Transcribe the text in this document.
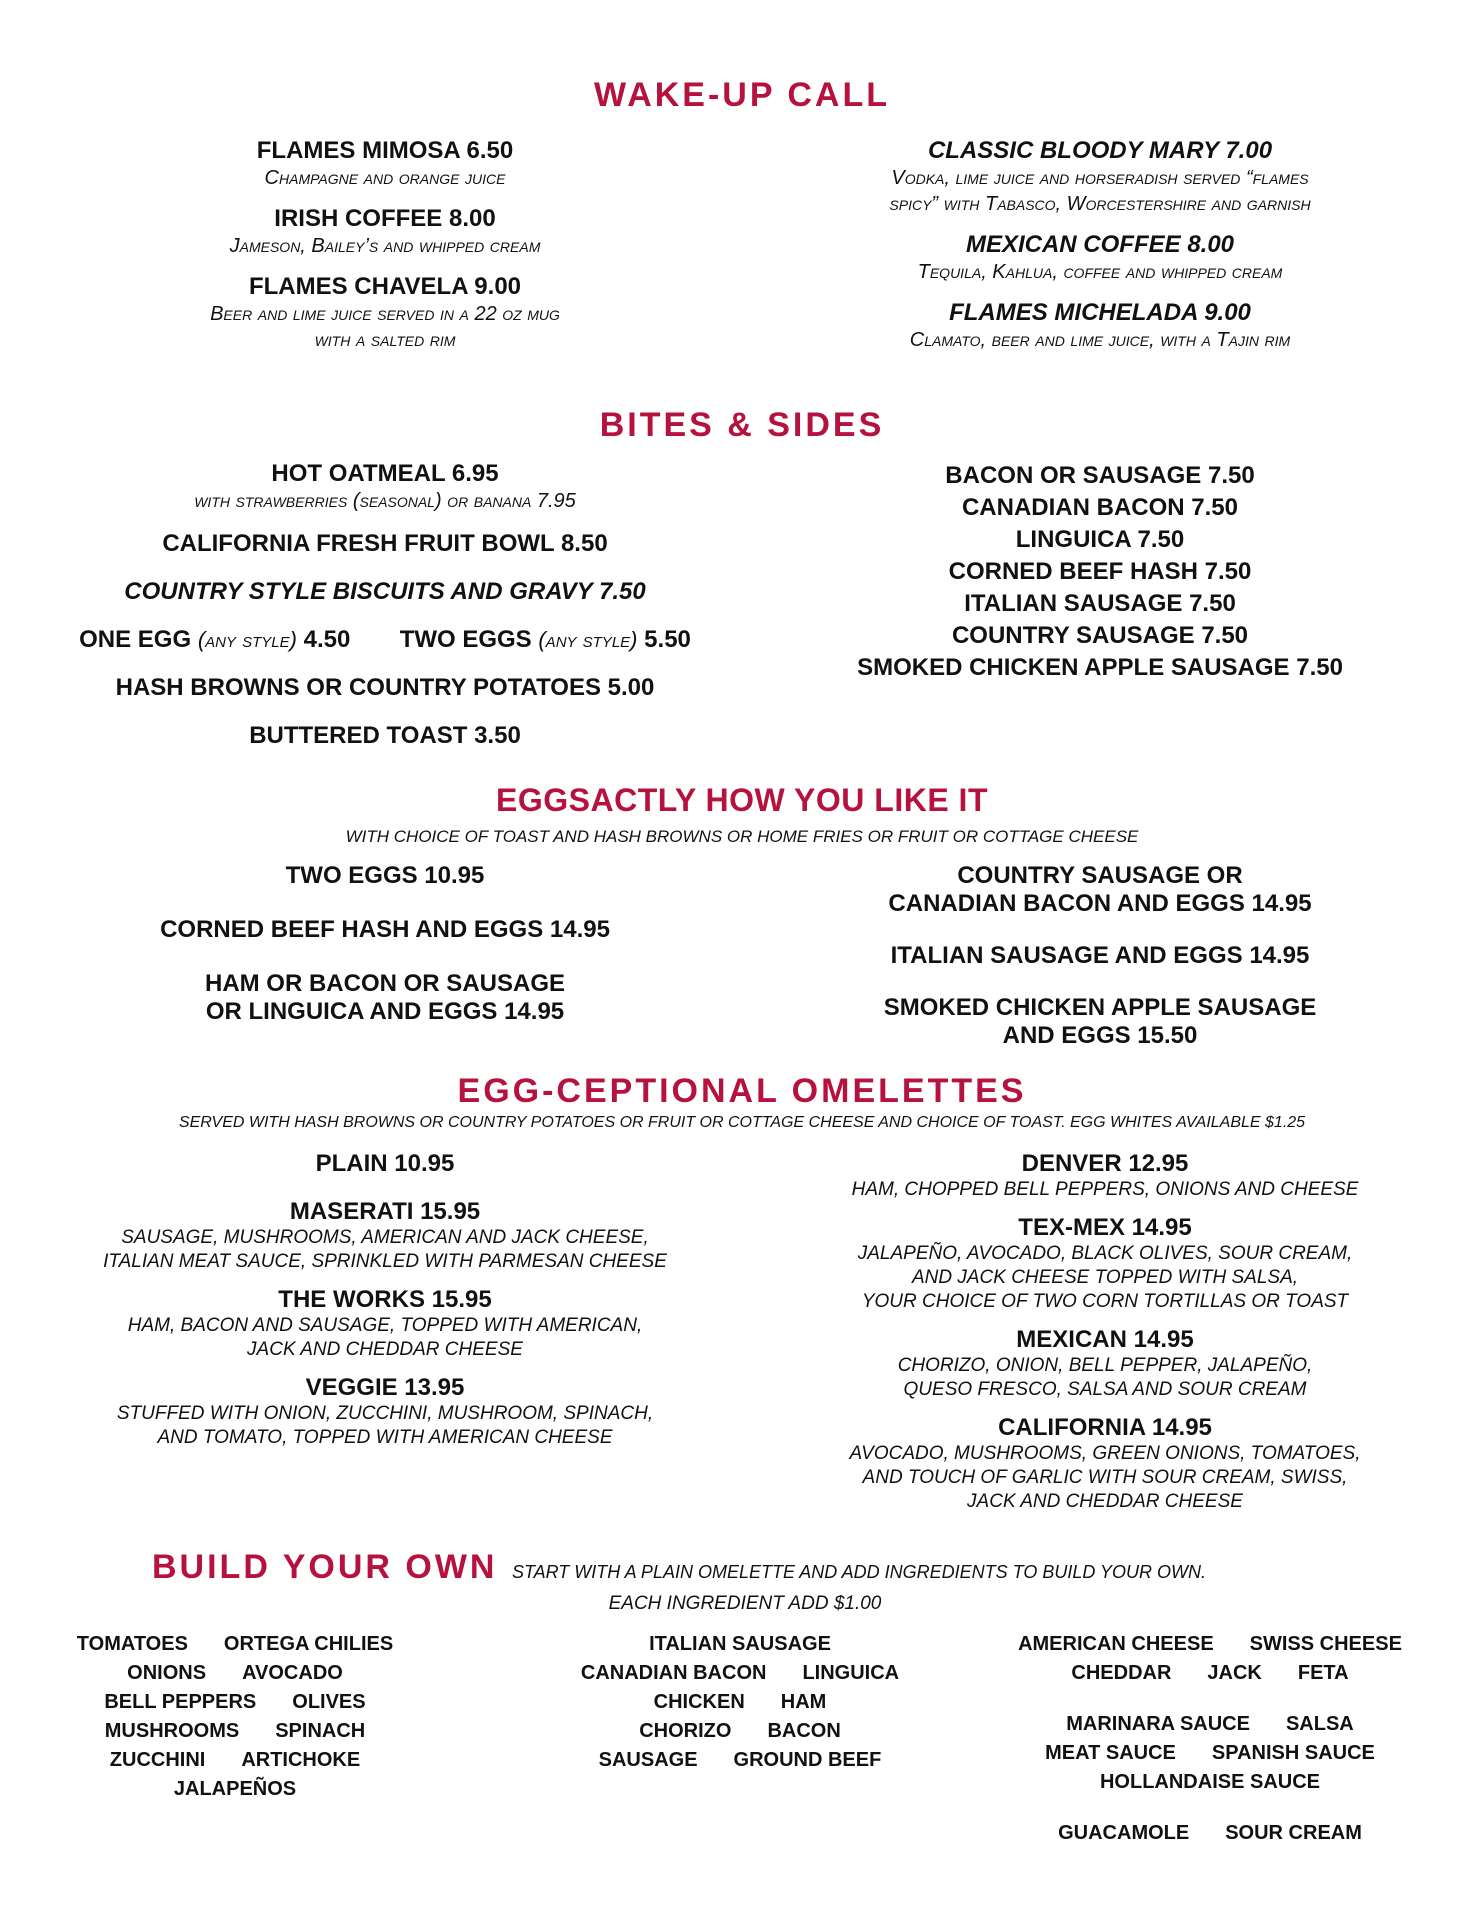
WAKE-UP CALL
FLAMES MIMOSA 6.50
Champagne and orange juice
IRISH COFFEE 8.00
Jameson, Bailey’s and whipped cream
FLAMES CHAVELA 9.00
Beer and lime juice served in a 22 oz mug
with a salted rim
CLASSIC BLOODY MARY 7.00
Vodka, lime juice and horseradish served “flames
spicy” with Tabasco, Worcestershire and garnish
MEXICAN COFFEE 8.00
Tequila, Kahlua, coffee and whipped cream
FLAMES MICHELADA 9.00
Clamato, beer and lime juice, with a Tajin rim
BITES & SIDES
HOT OATMEAL 6.95
with strawberries (seasonal) or banana 7.95
CALIFORNIA FRESH FRUIT BOWL 8.50
COUNTRY STYLE BISCUITS AND GRAVY 7.50
ONE EGG (any style) 4.50 TWO EGGS (any style) 5.50
HASH BROWNS OR COUNTRY POTATOES 5.00
BUTTERED TOAST 3.50
BACON OR SAUSAGE 7.50
CANADIAN BACON 7.50
LINGUICA 7.50
CORNED BEEF HASH 7.50
ITALIAN SAUSAGE 7.50
COUNTRY SAUSAGE 7.50
SMOKED CHICKEN APPLE SAUSAGE 7.50
EGGSACTLY HOW YOU LIKE IT
WITH CHOICE OF TOAST AND HASH BROWNS OR HOME FRIES OR FRUIT OR COTTAGE CHEESE
TWO EGGS 10.95
CORNED BEEF HASH AND EGGS 14.95
HAM OR BACON OR SAUSAGE
OR LINGUICA AND EGGS 14.95
COUNTRY SAUSAGE OR
CANADIAN BACON AND EGGS 14.95
ITALIAN SAUSAGE AND EGGS 14.95
SMOKED CHICKEN APPLE SAUSAGE
AND EGGS 15.50
EGG-CEPTIONAL OMELETTES
SERVED WITH HASH BROWNS OR COUNTRY POTATOES OR FRUIT OR COTTAGE CHEESE AND CHOICE OF TOAST. EGG WHITES AVAILABLE $1.25
PLAIN 10.95
MASERATI 15.95
SAUSAGE, MUSHROOMS, AMERICAN AND JACK CHEESE,
ITALIAN MEAT SAUCE, SPRINKLED WITH PARMESAN CHEESE
THE WORKS 15.95
HAM, BACON AND SAUSAGE, TOPPED WITH AMERICAN,
JACK AND CHEDDAR CHEESE
VEGGIE 13.95
STUFFED WITH ONION, ZUCCHINI, MUSHROOM, SPINACH,
AND TOMATO, TOPPED WITH AMERICAN CHEESE
DENVER 12.95
HAM, CHOPPED BELL PEPPERS, ONIONS AND CHEESE
TEX-MEX 14.95
JALAPEÑO, AVOCADO, BLACK OLIVES, SOUR CREAM,
AND JACK CHEESE TOPPED WITH SALSA,
YOUR CHOICE OF TWO CORN TORTILLAS OR TOAST
MEXICAN 14.95
CHORIZO, ONION, BELL PEPPER, JALAPEÑO,
QUESO FRESCO, SALSA AND SOUR CREAM
CALIFORNIA 14.95
AVOCADO, MUSHROOMS, GREEN ONIONS, TOMATOES,
AND TOUCH OF GARLIC WITH SOUR CREAM, SWISS,
JACK AND CHEDDAR CHEESE
BUILD YOUR OWN START WITH A PLAIN OMELETTE AND ADD INGREDIENTS TO BUILD YOUR OWN.
EACH INGREDIENT ADD $1.00
TOMATOES ORTEGA CHILIES
ONIONS AVOCADO
BELL PEPPERS OLIVES
MUSHROOMS SPINACH
ZUCCHINI ARTICHOKE
JALAPEÑOS
ITALIAN SAUSAGE
CANADIAN BACON LINGUICA
CHICKEN HAM
CHORIZO BACON
SAUSAGE GROUND BEEF
AMERICAN CHEESE SWISS CHEESE
CHEDDAR JACK FETA
MARINARA SAUCE SALSA
MEAT SAUCE SPANISH SAUCE
HOLLANDAISE SAUCE
GUACAMOLE SOUR CREAM
